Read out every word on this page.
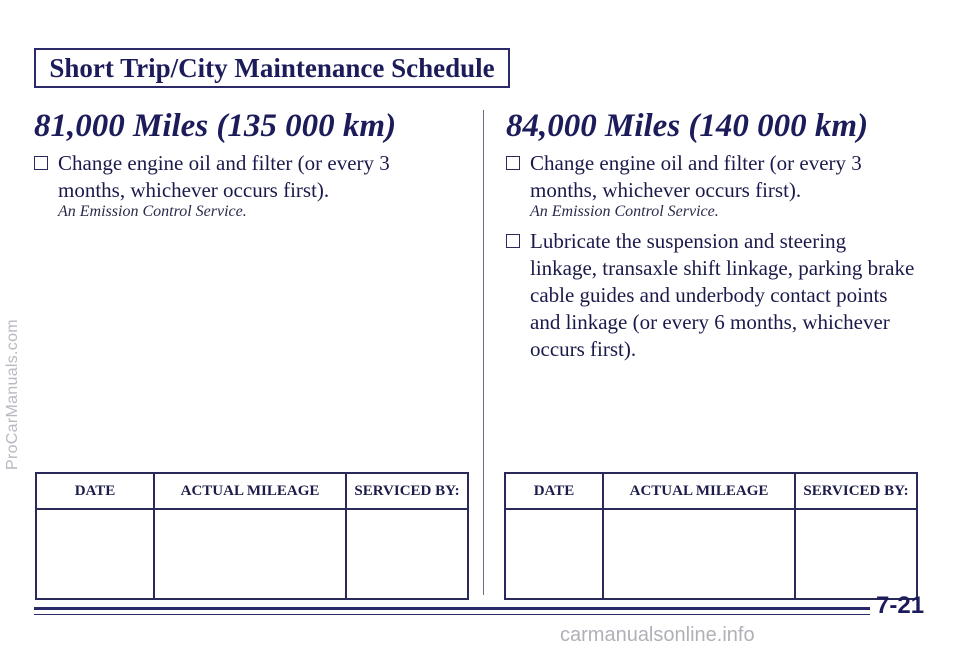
ProCarManuals.com
Short Trip/City Maintenance Schedule
81,000 Miles (135 000 km)
Change engine oil and filter (or every 3 months, whichever occurs first).
An Emission Control Service.
DATE	ACTUAL MILEAGE	SERVICED BY:

84,000 Miles (140 000 km)
Change engine oil and filter (or every 3 months, whichever occurs first).
An Emission Control Service.
Lubricate the suspension and steering linkage, transaxle shift linkage, parking brake cable guides and underbody contact points and linkage (or every 6 months, whichever occurs first).
DATE	ACTUAL MILEAGE	SERVICED BY:

7-21
carmanualsonline.info
